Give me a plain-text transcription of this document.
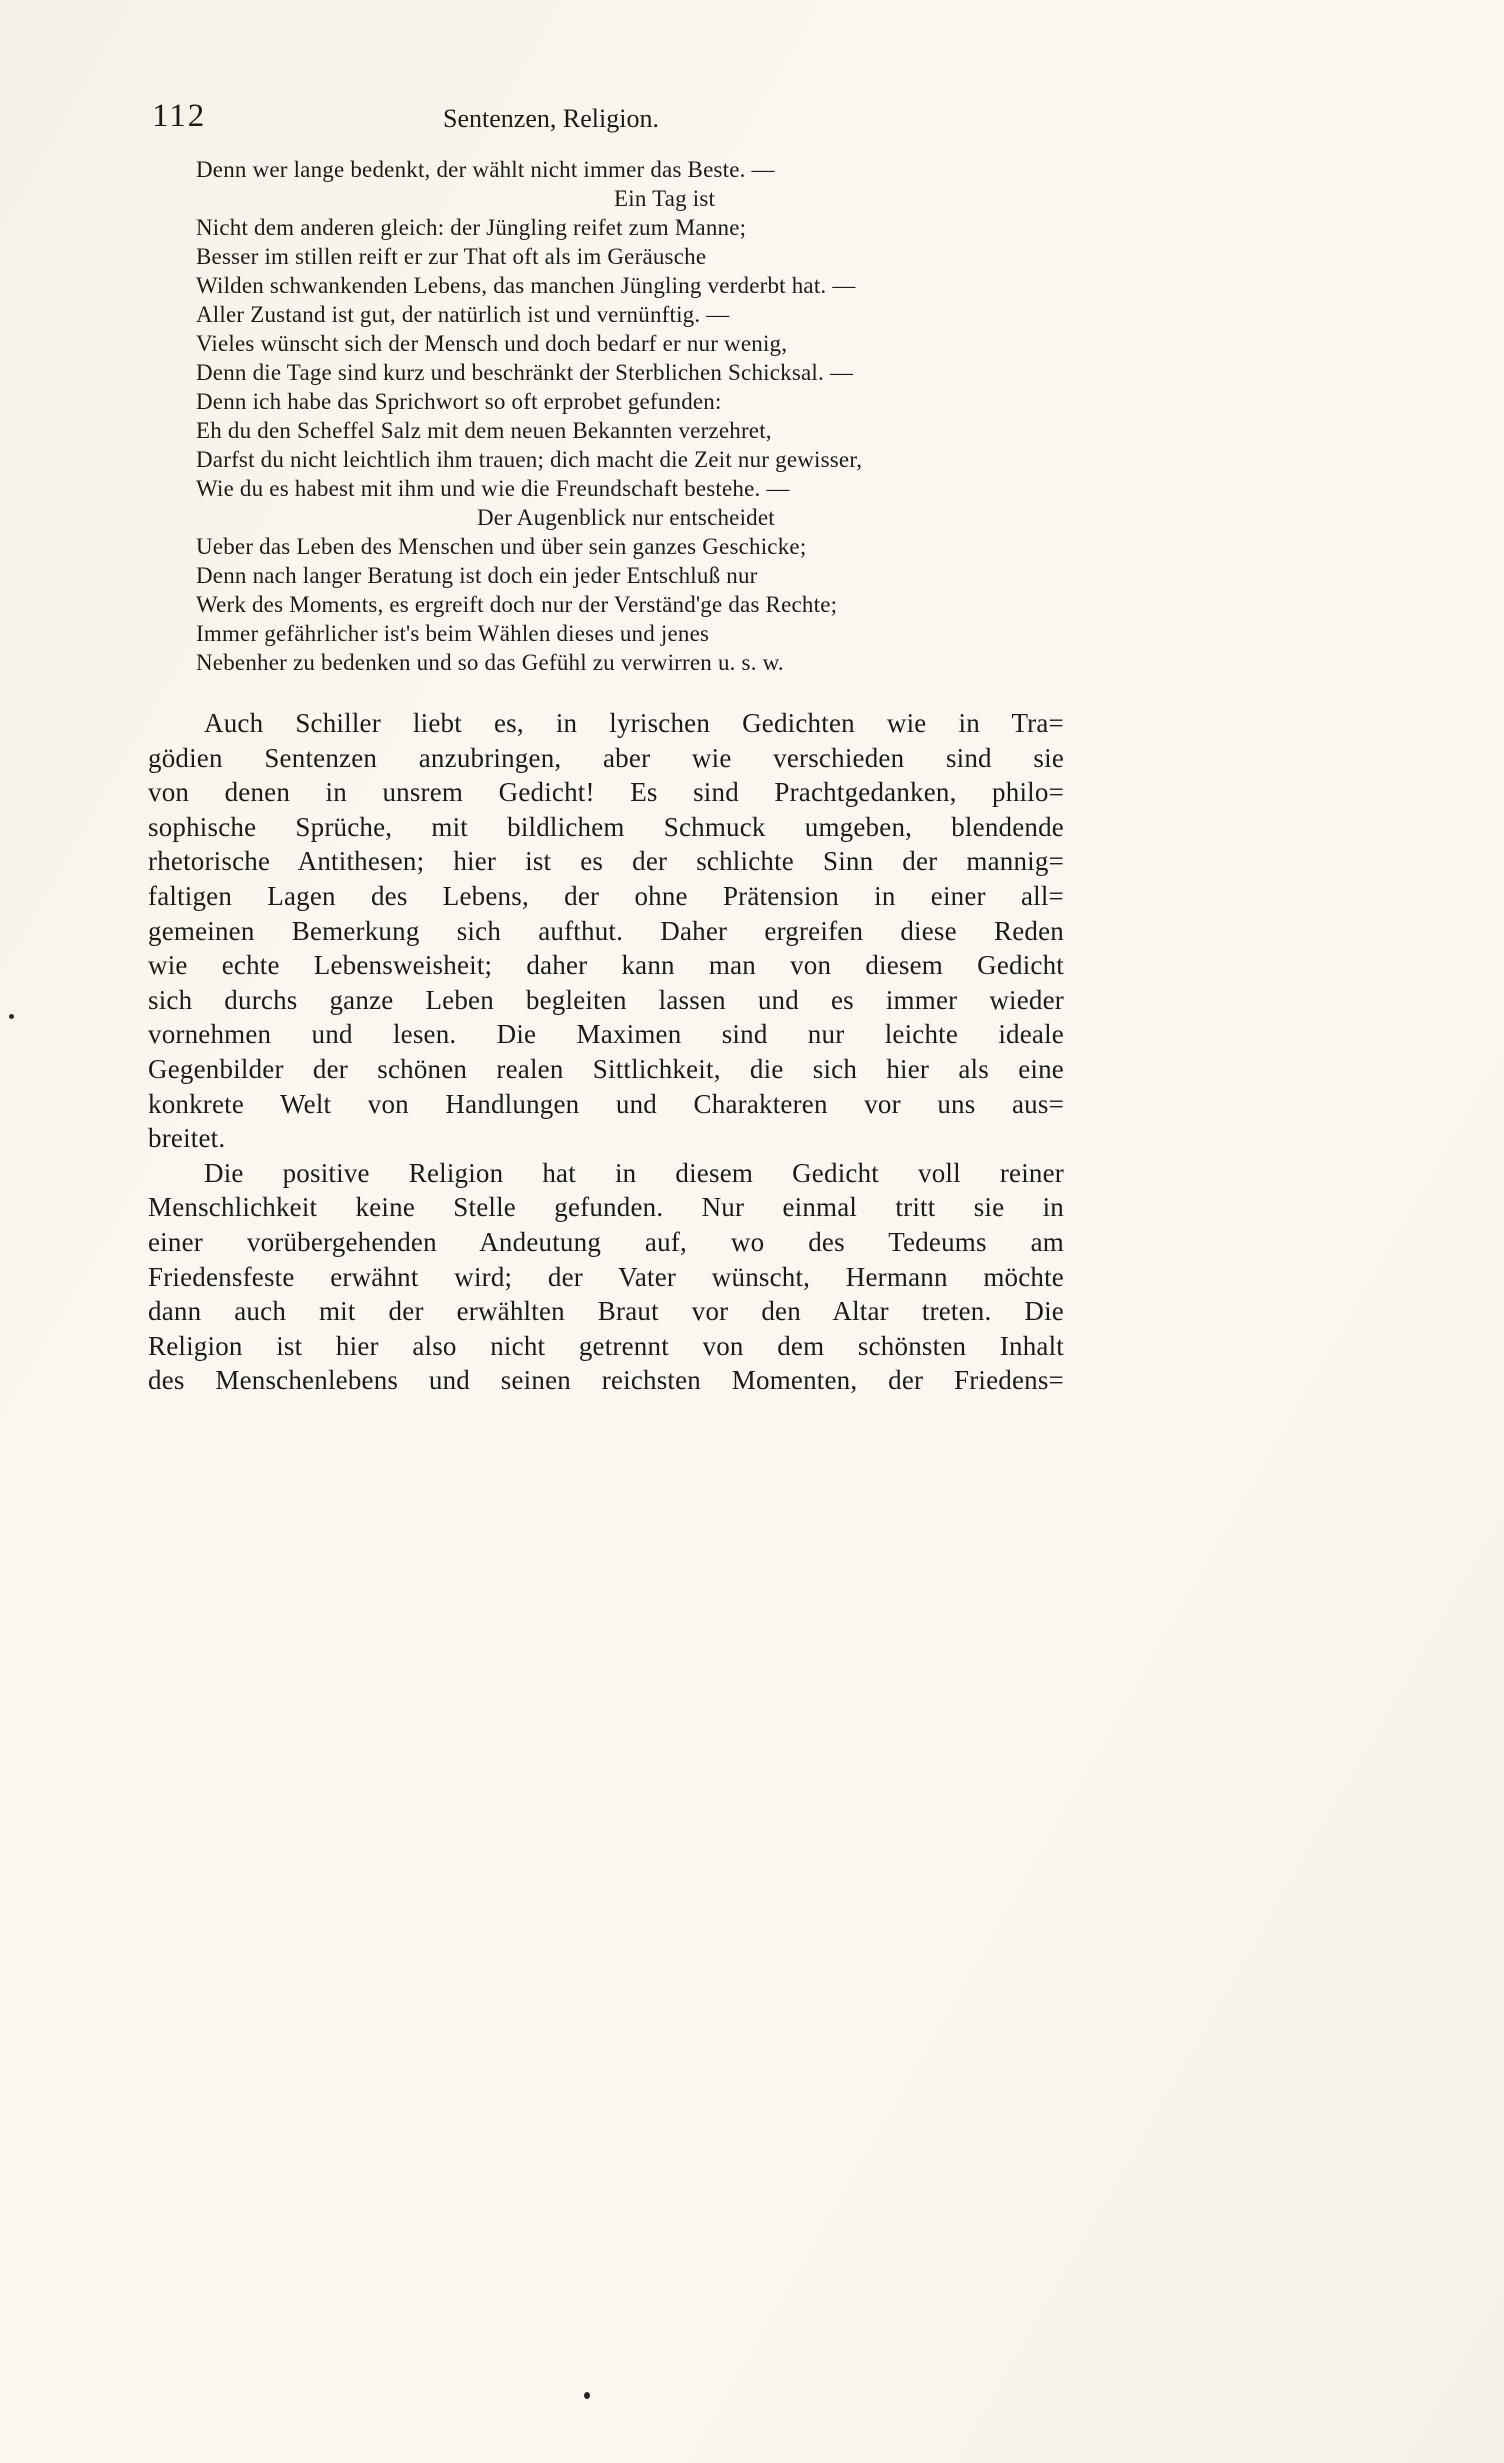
112	Sentenzen, Religion.
Denn wer lange bedenkt, der wählt nicht immer das Beste. —
Ein Tag ist
Nicht dem anderen gleich: der Jüngling reifet zum Manne;
Besser im stillen reift er zur That oft als im Geräusche
Wilden schwankenden Lebens, das manchen Jüngling verderbt hat. —
Aller Zustand ist gut, der natürlich ist und vernünftig. —
Vieles wünscht sich der Mensch und doch bedarf er nur wenig,
Denn die Tage sind kurz und beschränkt der Sterblichen Schicksal. —
Denn ich habe das Sprichwort so oft erprobet gefunden:
Eh du den Scheffel Salz mit dem neuen Bekannten verzehret,
Darfst du nicht leichtlich ihm trauen; dich macht die Zeit nur gewisser,
Wie du es habest mit ihm und wie die Freundschaft bestehe. —
Der Augenblick nur entscheidet
Ueber das Leben des Menschen und über sein ganzes Geschicke;
Denn nach langer Beratung ist doch ein jeder Entschluß nur
Werk des Moments, es ergreift doch nur der Verständ'ge das Rechte;
Immer gefährlicher ist's beim Wählen dieses und jenes
Nebenher zu bedenken und so das Gefühl zu verwirren u. s. w.
Auch Schiller liebt es, in lyrischen Gedichten wie in Tra=
gödien Sentenzen anzubringen, aber wie verschieden sind sie
von denen in unsrem Gedicht! Es sind Prachtgedanken, philo=
sophische Sprüche, mit bildlichem Schmuck umgeben, blendende
rhetorische Antithesen; hier ist es der schlichte Sinn der mannig=
faltigen Lagen des Lebens, der ohne Prätension in einer all=
gemeinen Bemerkung sich aufthut. Daher ergreifen diese Reden
wie echte Lebensweisheit; daher kann man von diesem Gedicht
sich durchs ganze Leben begleiten lassen und es immer wieder
vornehmen und lesen. Die Maximen sind nur leichte ideale
Gegenbilder der schönen realen Sittlichkeit, die sich hier als eine
konkrete Welt von Handlungen und Charakteren vor uns aus=
breitet.
Die positive Religion hat in diesem Gedicht voll reiner
Menschlichkeit keine Stelle gefunden. Nur einmal tritt sie in
einer vorübergehenden Andeutung auf, wo des Tedeums am
Friedensfeste erwähnt wird; der Vater wünscht, Hermann möchte
dann auch mit der erwählten Braut vor den Altar treten. Die
Religion ist hier also nicht getrennt von dem schönsten Inhalt
des Menschenlebens und seinen reichsten Momenten, der Friedens=
